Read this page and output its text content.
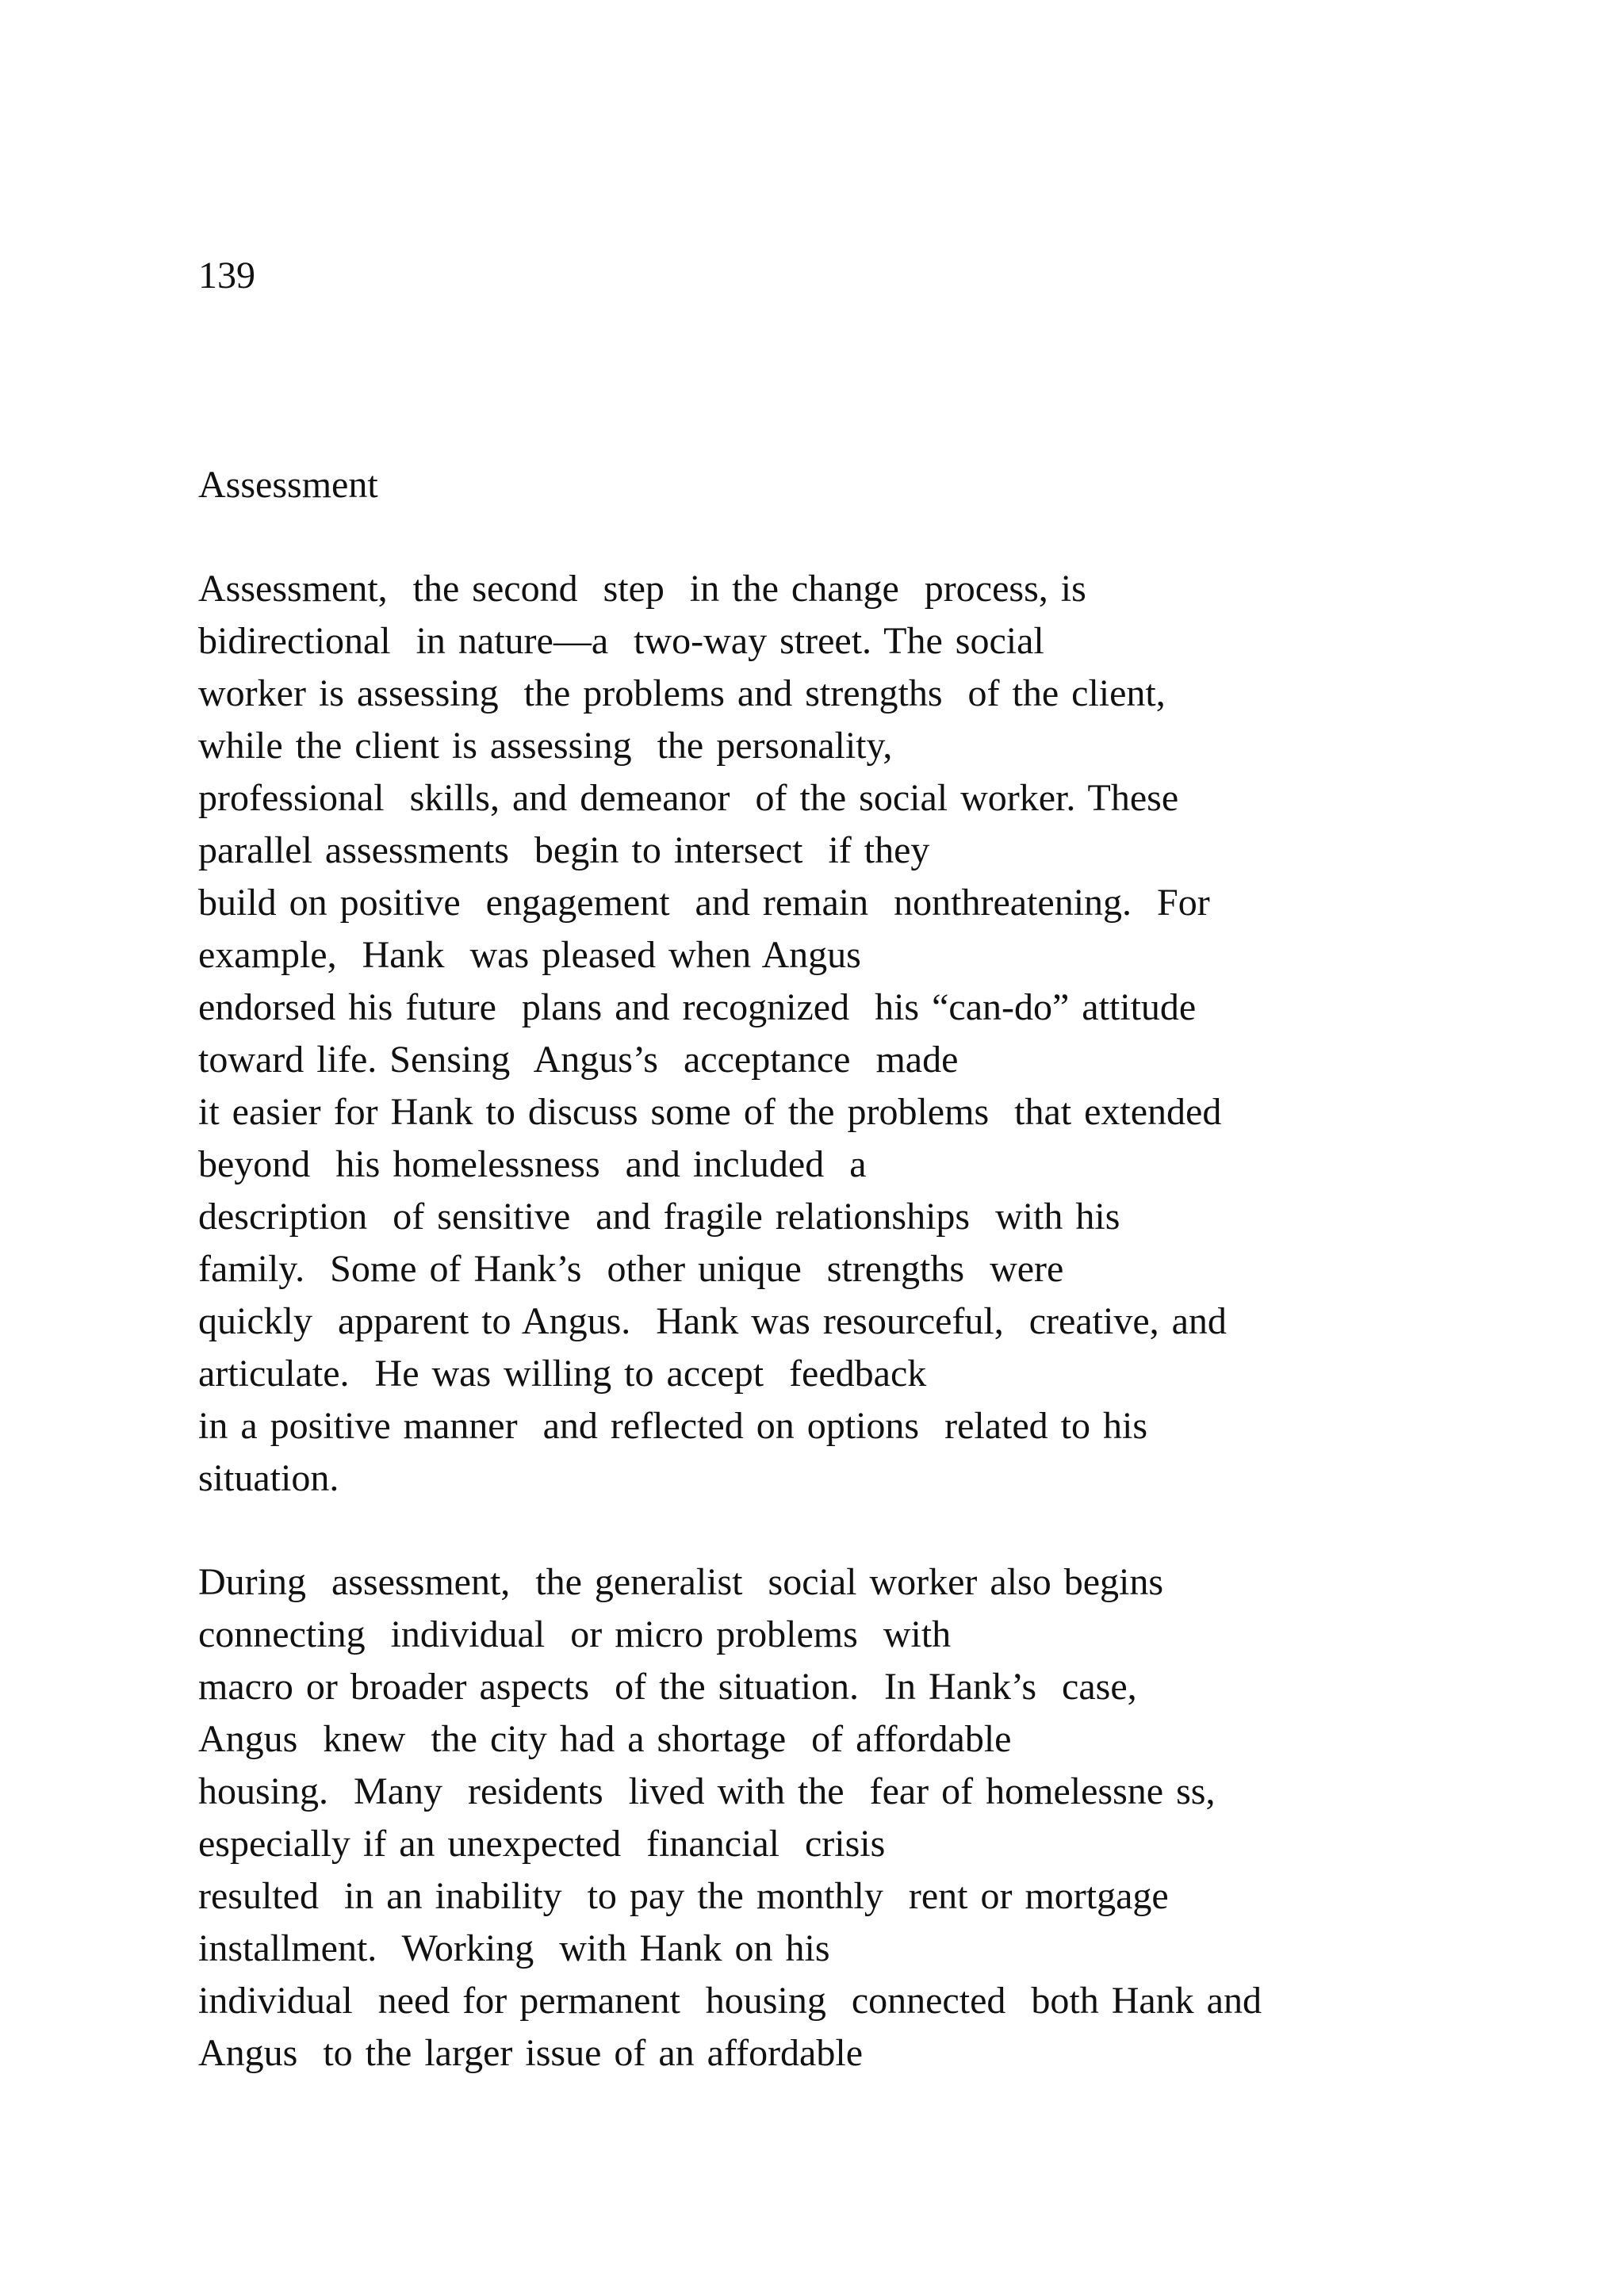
139

Assessment

Assessment,  the second  step  in the change  process, is
bidirectional  in nature—a  two-way street. The social
worker is assessing  the problems and strengths  of the client,
while the client is assessing  the personality,
professional  skills, and demeanor  of the social worker. These
parallel assessments  begin to intersect  if they
build on positive  engagement  and remain  nonthreatening.  For
example,  Hank  was pleased when Angus
endorsed his future  plans and recognized  his “can-do” attitude
toward life. Sensing  Angus’s  acceptance  made
it easier for Hank to discuss some of the problems  that extended
beyond  his homelessness  and included  a
description  of sensitive  and fragile relationships  with his
family.  Some of Hank’s  other unique  strengths  were
quickly  apparent to Angus.  Hank was resourceful,  creative, and
articulate.  He was willing to accept  feedback
in a positive manner  and reflected on options  related to his
situation.

During  assessment,  the generalist  social worker also begins
connecting  individual  or micro problems  with
macro or broader aspects  of the situation.  In Hank’s  case,
Angus  knew  the city had a shortage  of affordable
housing.  Many  residents  lived with the  fear of homelessne ss,
especially if an unexpected  financial  crisis
resulted  in an inability  to pay the monthly  rent or mortgage
installment.  Working  with Hank on his
individual  need for permanent  housing  connected  both Hank and
Angus  to the larger issue of an affordable
